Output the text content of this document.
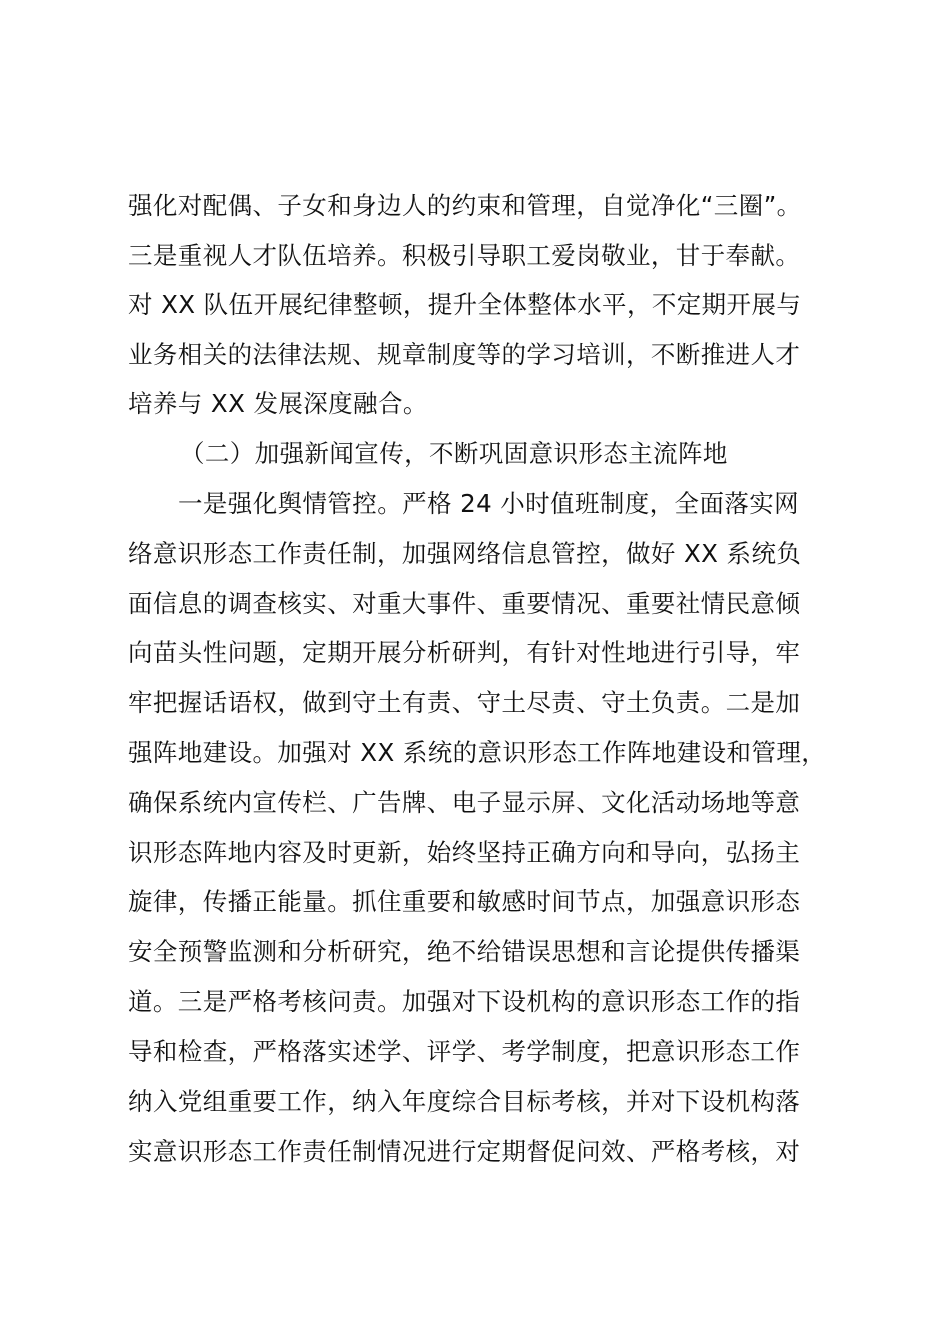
强化对配偶、子女和身边人的约束和管理，自觉净化“三圈”。
三是重视人才队伍培养。积极引导职工爱岗敬业，甘于奉献。
对 XX 队伍开展纪律整顿，提升全体整体水平，不定期开展与
业务相关的法律法规、规章制度等的学习培训，不断推进人才
培养与 XX 发展深度融合。
（二）加强新闻宣传，不断巩固意识形态主流阵地
一是强化舆情管控。严格 24 小时值班制度，全面落实网
络意识形态工作责任制，加强网络信息管控，做好 XX 系统负
面信息的调查核实、对重大事件、重要情况、重要社情民意倾
向苗头性问题，定期开展分析研判，有针对性地进行引导，牢
牢把握话语权，做到守土有责、守土尽责、守土负责。二是加
强阵地建设。加强对 XX 系统的意识形态工作阵地建设和管理，
确保系统内宣传栏、广告牌、电子显示屏、文化活动场地等意
识形态阵地内容及时更新，始终坚持正确方向和导向，弘扬主
旋律，传播正能量。抓住重要和敏感时间节点，加强意识形态
安全预警监测和分析研究，绝不给错误思想和言论提供传播渠
道。三是严格考核问责。加强对下设机构的意识形态工作的指
导和检查，严格落实述学、评学、考学制度，把意识形态工作
纳入党组重要工作，纳入年度综合目标考核，并对下设机构落
实意识形态工作责任制情况进行定期督促问效、严格考核，对
